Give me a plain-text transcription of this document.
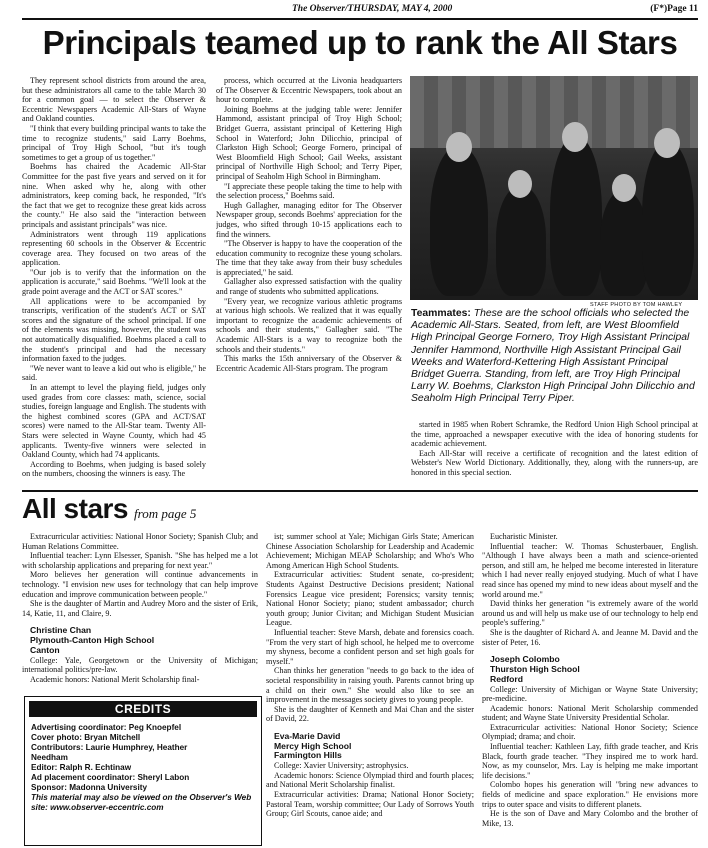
The Observer/THURSDAY, MAY 4, 2000	(F*)Page 11
Principals teamed up to rank the All Stars

They represent school districts from around the area, but these administrators all came to the table March 30 for a common goal — to select the Observer & Eccentric Newspapers Academic All-Stars of Wayne and Oakland counties.

"I think that every building principal wants to take the time to recognize students," said Larry Boehms, principal of Troy High School, "but it's tough sometimes to get a group of us together."

Boehms has chaired the Academic All-Star Committee for the past five years and served on it for nine. When asked why he, along with other administrators, keep coming back, he responded, "It's the fact that we get to recognize these great kids across the county." He also said the "interaction between principals and assistant principals" was nice.

Administrators went through 119 applications representing 60 schools in the Observer & Eccentric coverage area. They focused on two areas of the application.

"Our job is to verify that the information on the application is accurate," said Boehms. "We'll look at the grade point average and the ACT or SAT scores."

All applications were to be accompanied by transcripts, verification of the student's ACT or SAT scores and the signature of the school principal. If one of the elements was missing, however, the student was not automatically disqualified. Boehms placed a call to the student's principal and had the necessary information faxed to the judges.

"We never want to leave a kid out who is eligible," he said.

In an attempt to level the playing field, judges only used grades from core classes: math, science, social studies, foreign language and English. The students with the highest combined scores (GPA and ACT/SAT scores) were named to the All-Star team. Twenty All-Stars were selected in Wayne County, which had 45 applicants. Twenty-five winners were selected in Oakland County, which had 74 applicants.

According to Boehms, when judging is based solely on the numbers, choosing the winners is easy. The

process, which occurred at the Livonia headquarters of The Observer & Eccentric Newspapers, took about an hour to complete.

Joining Boehms at the judging table were: Jennifer Hammond, assistant principal of Troy High School; Bridget Guerra, assistant principal of Kettering High School in Waterford; John Dilicchio, principal of Clarkston High School; George Fornero, principal of West Bloomfield High School; Gail Weeks, assistant principal of Northville High School; and Terry Piper, principal of Seaholm High School in Birmingham.

"I appreciate these people taking the time to help with the selection process," Boehms said.

Hugh Gallagher, managing editor for The Observer Newspaper group, seconds Boehms' appreciation for the judges, who sifted through 10-15 applications each to find the winners.

"The Observer is happy to have the cooperation of the education community to recognize these young scholars. The time that they take away from their busy schedules is appreciated," he said.

Gallagher also expressed satisfaction with the quality and range of students who submitted applications.

"Every year, we recognize various athletic programs at various high schools. We realized that it was equally important to recognize the academic achievements of schools and their students," Gallagher said. "The Academic All-Stars is a way to recognize both the schools and their students."

This marks the 15th anniversary of the Observer & Eccentric Academic All-Stars program. The program

STAFF PHOTO BY TOM HAWLEY
Teammates: These are the school officials who selected the Academic All-Stars. Seated, from left, are West Bloomfield High Principal George Fornero, Troy High Assistant Principal Jennifer Hammond, Northville High Assistant Principal Gail Weeks and Waterford-Kettering High Assistant Principal Bridget Guerra. Standing, from left, are Troy High Principal Larry W. Boehms, Clarkston High Principal John Dilicchio and Seaholm High Principal Terry Piper.

started in 1985 when Robert Schramke, the Redford Union High School principal at the time, approached a newspaper executive with the idea of honoring students for academic achievement.

Each All-Star will receive a certificate of recognition and the latest edition of Webster's New World Dictionary. Additionally, they, along with the runners-up, are honored in this special section.

All stars from page 5

Extracurricular activities: National Honor Society; Spanish Club; and Human Relations Committee.

Influential teacher: Lynn Elsesser, Spanish. "She has helped me a lot with scholarship applications and preparing for next year."

Moro believes her generation will continue advancements in technology. "I envision new uses for technology that can help improve education and improve communication between people."

She is the daughter of Martin and Audrey Moro and the sister of Erik, 14, Katie, 11, and Claire, 9.

Christine Chan

Plymouth-Canton High School

Canton

College: Yale, Georgetown or the University of Michigan; international politics/pre-law.

Academic honors: National Merit Scholarship final-

ist; summer school at Yale; Michigan Girls State; American Chinese Association Scholarship for Leadership and Academic Achievement; Michigan MEAP Scholarship; and Who's Who Among American High School Students.

Extracurricular activities: Student senate, co-president; Students Against Destructive Decisions president; National Forensics League vice president; Forensics; varsity tennis; National Honor Society; piano; student ambassador; church youth group; Junior Civitan; and Michigan Student Musician League.

Influential teacher: Steve Marsh, debate and forensics coach. "From the very start of high school, he helped me to overcome my shyness, become a confident person and set high goals for myself."

Chan thinks her generation "needs to go back to the idea of societal responsibility in raising youth. Parents cannot bring up a child on their own." She would also like to see an improvement in the messages society gives to young people.

She is the daughter of Kenneth and Mai Chan and the sister of David, 22.

Eva-Marie David

Mercy High School

Farmington Hills

College: Xavier University; astrophysics.

Academic honors: Science Olympiad third and fourth places; and National Merit Scholarship finalist.

Extracurricular activities: Drama; National Honor Society; Pastoral Team, worship committee; Our Lady of Sorrows Youth Group; Girl Scouts, canoe aide; and

Eucharistic Minister.

Influential teacher: W. Thomas Schusterbauer, English. "Although I have always been a math and science-oriented person, and still am, he helped me become interested in literature which I had never really enjoyed studying. Much of what I have read since has opened my mind to new ideas about myself and the world around me."

David thinks her generation "is extremely aware of the world around us and will help us make use of our technology to help end people's suffering."

She is the daughter of Richard A. and Jeanne M. David and the sister of Peter, 16.

Joseph Colombo

Thurston High School

Redford

College: University of Michigan or Wayne State University; pre-medicine.

Academic honors: National Merit Scholarship commended student; and Wayne State University Presidential Scholar.

Extracurricular activities: National Honor Society; Science Olympiad; drama; and choir.

Influential teacher: Kathleen Lay, fifth grade teacher, and Kris Black, fourth grade teacher. "They inspired me to work hard. Now, as my counselor, Mrs. Lay is helping me make important life decisions."

Colombo hopes his generation will "bring new advances to fields of medicine and space exploration." He envisions more trips to outer space and visits to different planets.

He is the son of Dave and Mary Colombo and the brother of Mike, 13.

CREDITS
Advertising coordinator: Peg Knoepfel
Cover photo: Bryan Mitchell
Contributors: Laurie Humphrey, Heather
Needham
Editor: Ralph R. Echtinaw
Ad placement coordinator: Sheryl Labon
Sponsor: Madonna University
This material may also be viewed on the Observer's Web site: www.observer-eccentric.com
